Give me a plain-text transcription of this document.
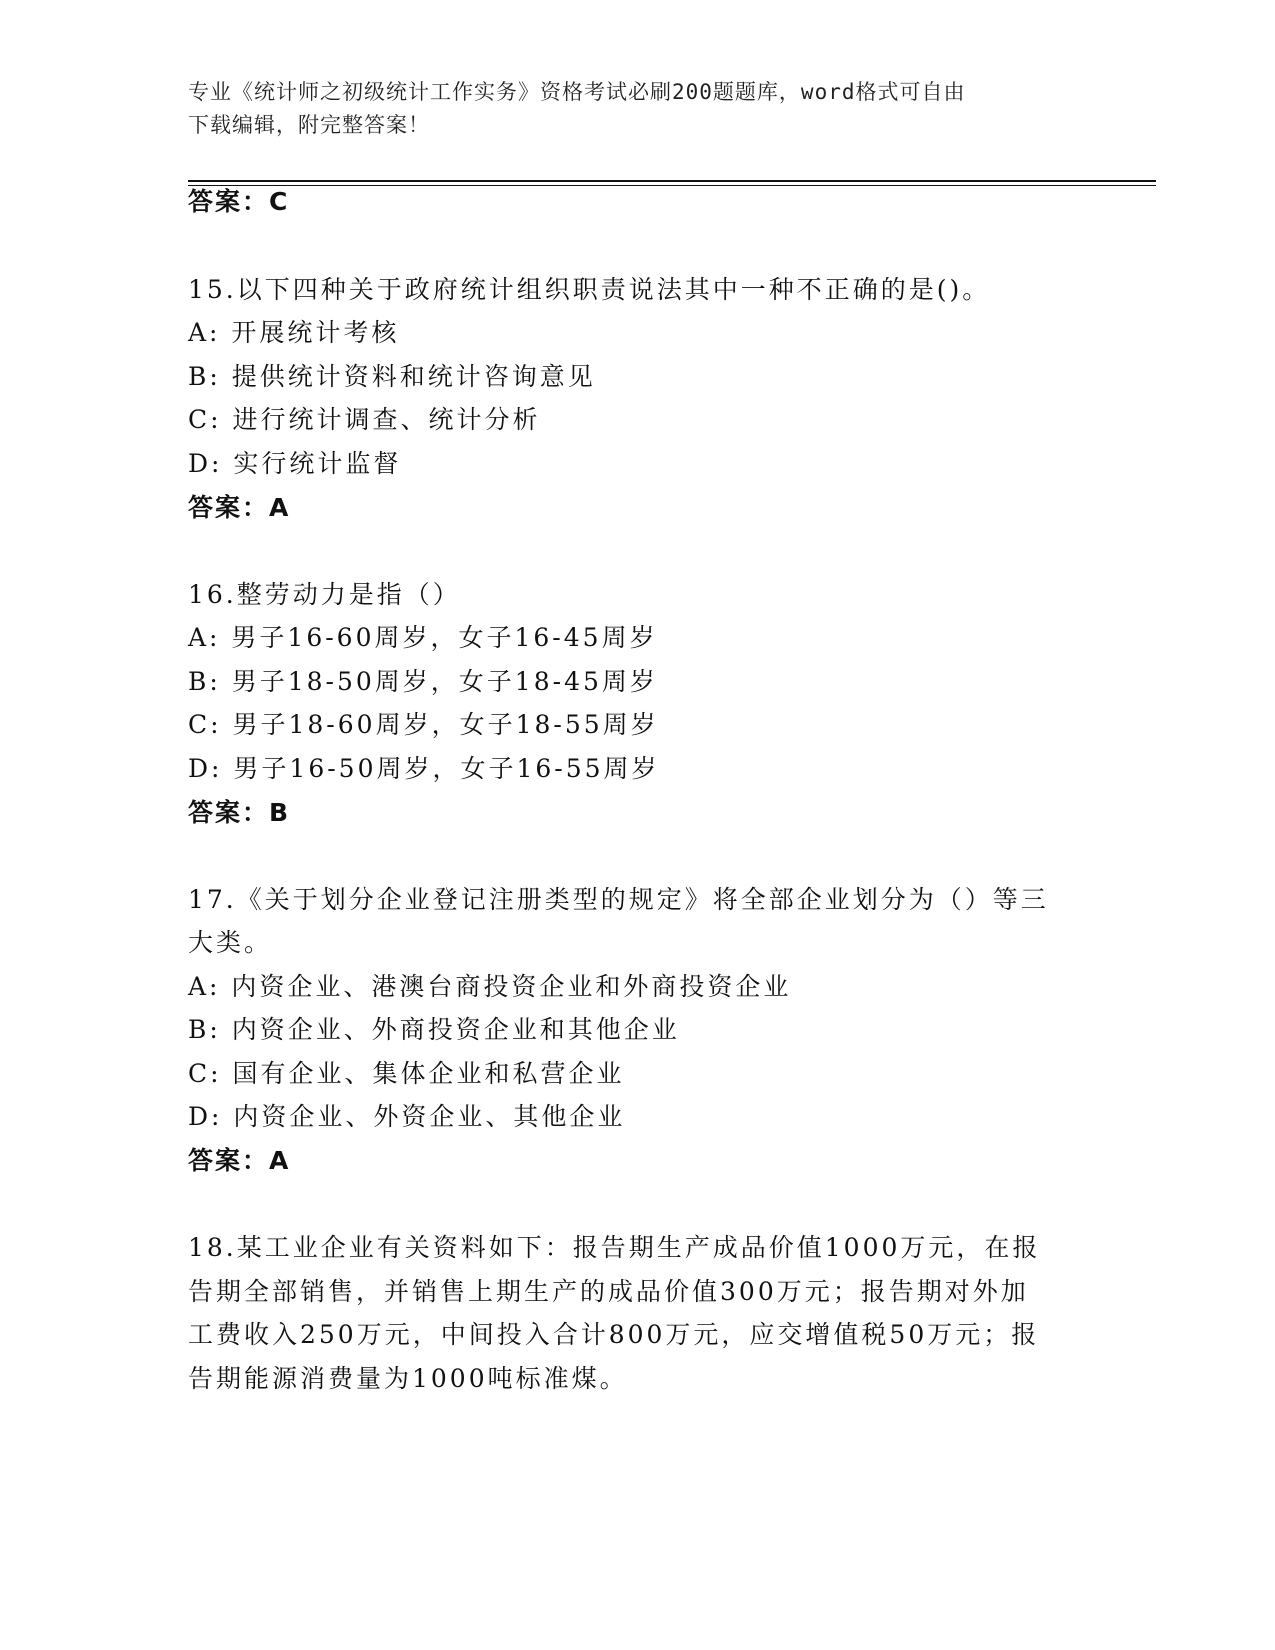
专业《统计师之初级统计工作实务》资格考试必刷200题题库，word格式可自由
下载编辑，附完整答案！
答案：C
15.以下四种关于政府统计组织职责说法其中一种不正确的是()。
A: 开展统计考核
B: 提供统计资料和统计咨询意见
C: 进行统计调查、统计分析
D: 实行统计监督
答案：A
16.整劳动力是指（）
A: 男子16-60周岁，女子16-45周岁
B: 男子18-50周岁，女子18-45周岁
C: 男子18-60周岁，女子18-55周岁
D: 男子16-50周岁，女子16-55周岁
答案：B
17.《关于划分企业登记注册类型的规定》将全部企业划分为（）等三
大类。
A: 内资企业、港澳台商投资企业和外商投资企业
B: 内资企业、外商投资企业和其他企业
C: 国有企业、集体企业和私营企业
D: 内资企业、外资企业、其他企业
答案：A
18.某工业企业有关资料如下：报告期生产成品价值1000万元，在报
告期全部销售，并销售上期生产的成品价值300万元；报告期对外加
工费收入250万元，中间投入合计800万元，应交增值税50万元；报
告期能源消费量为1000吨标准煤。
